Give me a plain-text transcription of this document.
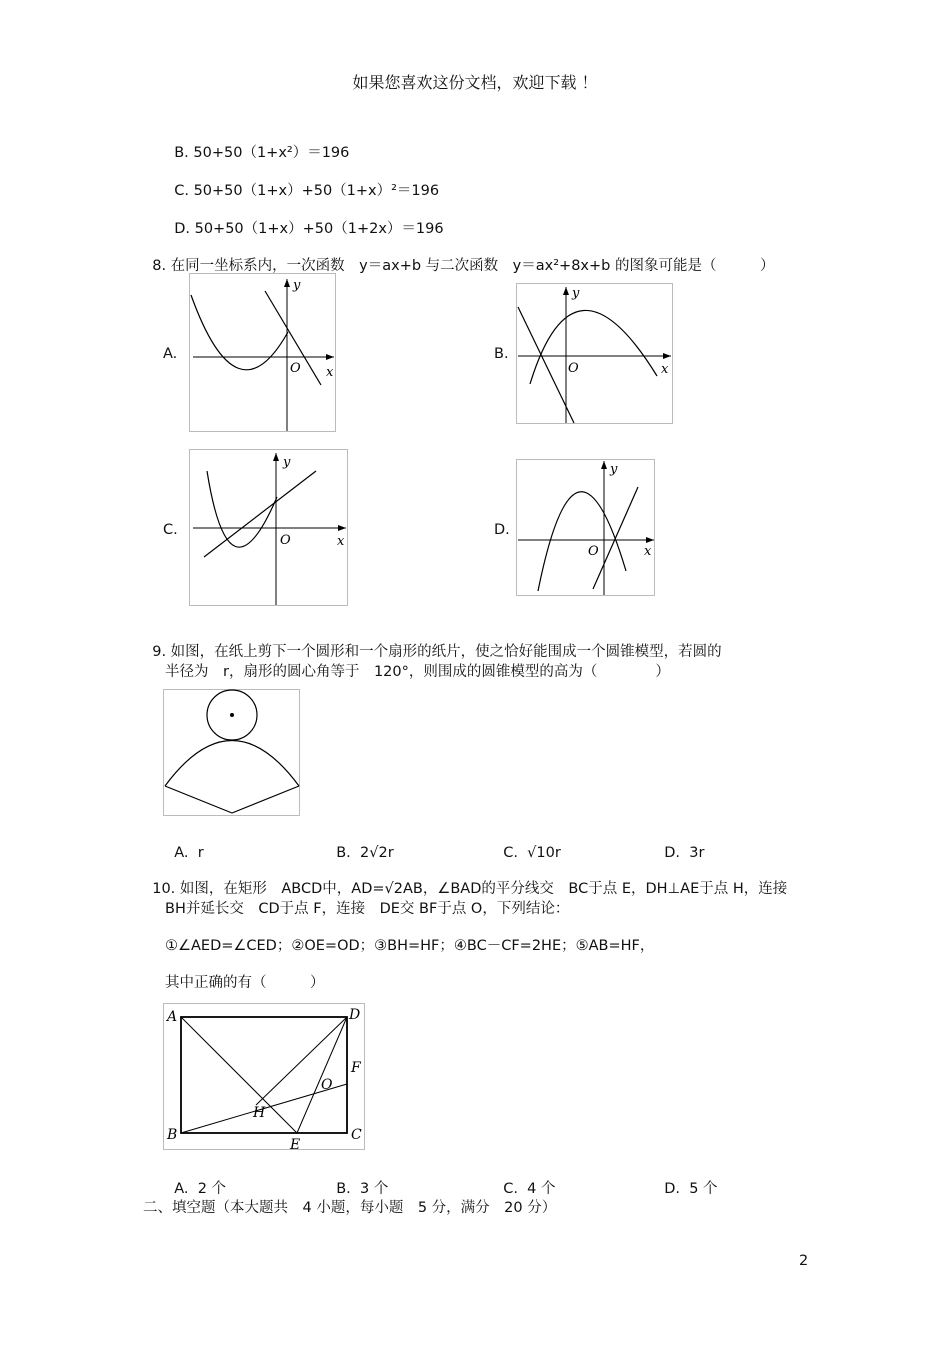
如果您喜欢这份文档，欢迎下载 ！

B. 50+50（1+x²）＝196

C. 50+50（1+x）+50（1+x）²＝196

D. 50+50（1+x）+50（1+2x）＝196

8. 在同一坐标系内，一次函数　y＝ax+b 与二次函数　y＝ax²+8x+b 的图象可能是（　　　）

A.	B.
C.	D.
y
O x
y
O	x
y
O	x
y
O	x

9. 如图，在纸上剪下一个圆形和一个扇形的纸片，使之恰好能围成一个圆锥模型，若圆的

半径为　r，扇形的圆心角等于　120°，则围成的圆锥模型的高为（　　　　）

A. r	B. 2√2r	C. √10r	D. 3r

10. 如图，在矩形　ABCD中，AD=√2AB，∠BAD的平分线交　BC于点 E，DH⊥AE于点 H，连接

BH并延长交　CD于点 F，连接　DE交 BF于点 O，下列结论：
①∠AED=∠CED；②OE=OD；③BH=HF；④BC－CF=2HE；⑤AB=HF，
其中正确的有（　　　）
A	D
F
O
H
B
E
C

A. 2 个	B. 3 个	C. 4 个	D. 5 个

二、填空题（本大题共　4 小题，每小题　5 分，满分　20 分）
2
